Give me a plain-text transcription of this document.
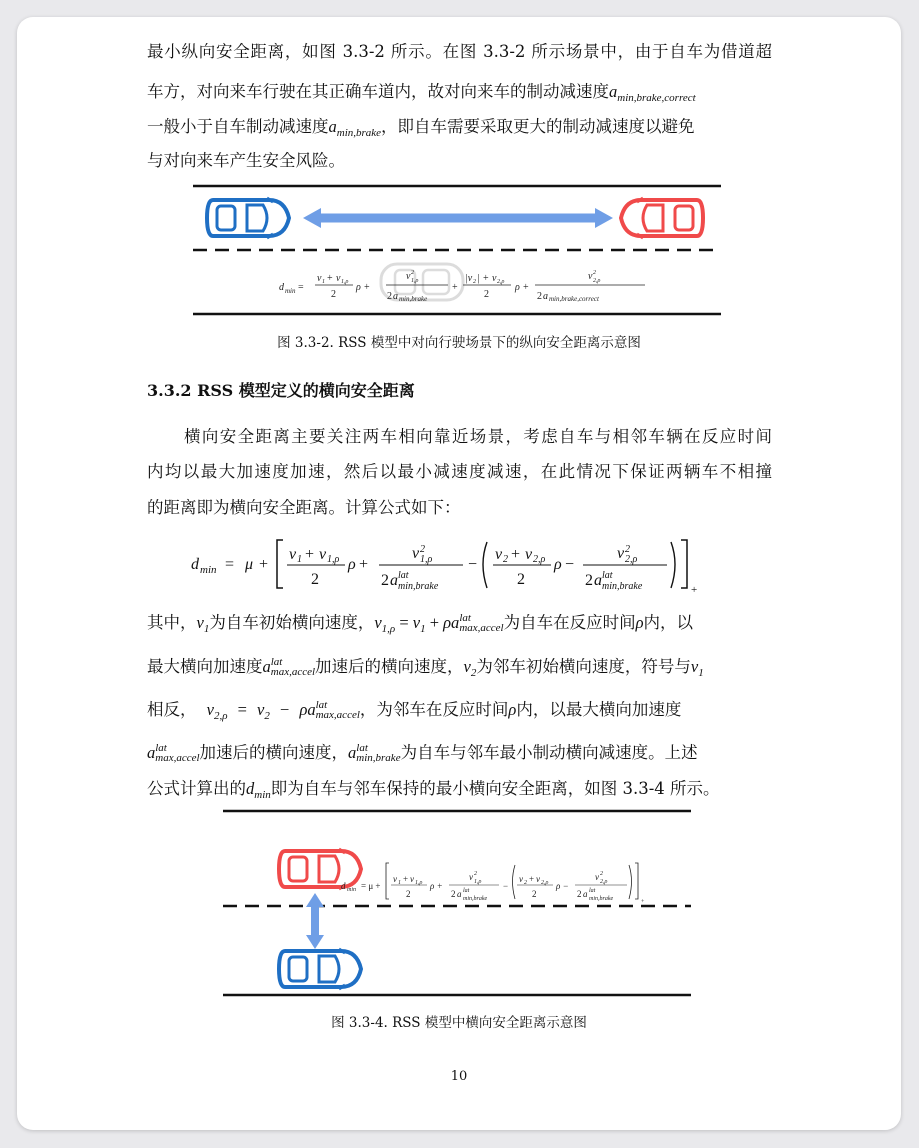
最小纵向安全距离，如图 3.3-2 所示。在图 3.3-2 所示场景中，由于自车为借道超
车方，对向来车行驶在其正确车道内，故对向来车的制动减速度$a_{min,brake,correct}$
一般小于自车制动减速度$a_{min,brake}$，即自车需要采取更大的制动减速度以避免
与对向来车产生安全风险。
d min =
v 1 + v 1,ρ
2
ρ +
v 2
1,ρ
2 a min,brake
+
|v 2 | + v 2,ρ
2
ρ +
v 2
2,ρ
2 a min,brake,correct
图 3.3-2. RSS 模型中对向行驶场景下的纵向安全距离示意图
3.3.2 RSS 模型定义的横向安全距离
横向安全距离主要关注两车相向靠近场景，考虑自车与相邻车辆在反应时间
内均以最大加速度加速，然后以最小减速度减速，在此情况下保证两辆车不相撞
的距离即为横向安全距离。计算公式如下：
d min = μ +
v 1 + v 1,ρ
2
ρ +
v 2
1,ρ
2 a lat
min,brake
−
v 2 + v 2,ρ
2
ρ −
v 2
2,ρ
2 a lat
min,brake	+
其中，$v_1$为自车初始横向速度，$v_{1,\rho} = v_1 + \rho a$ lat
max,accel 为自车在反应时间ρ内，以
最大横向加速度a lat
max,accel 加速后的横向速度，$v_2$为邻车初始横向速度，符号与$v_1$
相反， $v_{2,\rho} = v_2 - \rho a$ lat
max,accel ，为邻车在反应时间ρ内，以最大横向加速度
a lat
max,accel 加速后的横向速度，a lat
min,brake 为自车与邻车最小制动横向减速度。上述
公式计算出的$d_{min}$即为自车与邻车保持的最小横向安全距离，如图 3.3-4 所示。
d min = μ +
v 1 + v 1,ρ
2
ρ +
v 2
1,ρ
2 a lat
min,brake
−
v 2 + v 2,ρ
2
ρ −
v 2
2,ρ
2 a lat
min,brake	+
图 3.3-4. RSS 模型中横向安全距离示意图
10
